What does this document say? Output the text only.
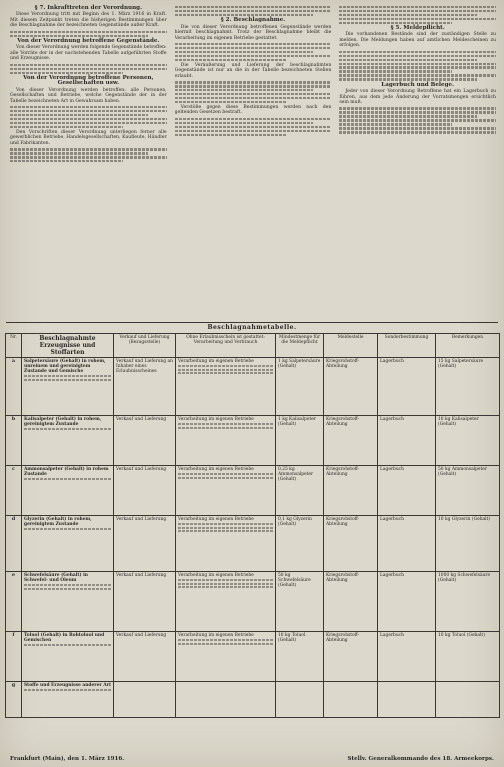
§ 7. Inkrafttreten der Verordnung.

Diese Verordnung tritt mit Beginn des 1. März 1916 in Kraft. Mit diesem Zeitpunkt treten die bisherigen Bestimmungen über die Beschlagnahme der bezeichneten Gegenstände außer Kraft.

Von der Verordnung betroffene Gegenstände.

Von dieser Verordnung werden folgende Gegenstände betroffen: alle Vorräte der in der nachstehenden Tabelle aufgeführten Stoffe und Erzeugnisse.

Von der Verordnung betroffene Personen, Gesellschaften usw.

Von dieser Verordnung werden betroffen: alle Personen, Gesellschaften und Betriebe, welche Gegenstände der in der Tabelle bezeichneten Art in Gewahrsam haben.

Den Vorschriften dieser Verordnung unterliegen ferner alle gewerblichen Betriebe, Handelsgesellschaften, Kaufleute, Händler und Fabrikanten.

§ 2. Beschlagnahme.

Die von dieser Verordnung betroffenen Gegenstände werden hiermit beschlagnahmt. Trotz der Beschlagnahme bleibt die Verarbeitung im eigenen Betriebe gestattet.

Die Veräußerung und Lieferung der beschlagnahmten Gegenstände ist nur an die in der Tabelle bezeichneten Stellen erlaubt.

Verstöße gegen diese Bestimmungen werden nach den geltenden Gesetzen bestraft.

§ 5. Meldepflicht.

Die vorhandenen Bestände sind der zuständigen Stelle zu melden. Die Meldungen haben auf amtlichen Meldescheinen zu erfolgen.

Lagerbuch und Belege.

Jeder von dieser Verordnung Betroffene hat ein Lagerbuch zu führen, aus dem jede Änderung der Vorratsmengen ersichtlich sein muß.

Beschlagnahmetabelle.
Nr.	Beschlagnahmte Erzeugnisse und Stoffarten	Verkauf und Lieferung (Bezugsstelle)	Ohne Erlaubnisschein ist gestattet: Verarbeitung und Verbrauch	Mindestmenge für die Meldepflicht	Meldestelle	Sonderbestimmung	Bemerkungen
a	Salpetersäure (Gehalt) in rohem, unreinem und gereinigtem Zustande und Gemische	Verkauf und Lieferung an Inhaber eines Erlaubnisscheines	Verarbeitung im eigenen Betriebe	1 kg Salpetersäure (Gehalt)	Kriegsrohstoff-Abteilung	Lagerbuch	15 kg Salpetersäure (Gehalt)
b	Kalisalpeter (Gehalt) in rohem, gereinigtem Zustande	Verkauf und Lieferung	Verarbeitung im eigenen Betriebe	1 kg Kalisalpeter (Gehalt)	Kriegsrohstoff-Abteilung	Lagerbuch	10 kg Kalisalpeter (Gehalt)
c	Ammonsalpeter (Gehalt) in rohem Zustande	Verkauf und Lieferung	Verarbeitung im eigenen Betriebe	0,25 kg Ammonsalpeter (Gehalt)	Kriegsrohstoff-Abteilung	Lagerbuch	50 kg Ammonsalpeter (Gehalt)
d	Glyzerin (Gehalt) in rohem, gereinigtem Zustande	Verkauf und Lieferung	Verarbeitung im eigenen Betriebe	0,1 kg Glyzerin (Gehalt)	Kriegsrohstoff-Abteilung	Lagerbuch	10 kg Glyzerin (Gehalt)
e	Schwefelsäure (Gehalt) in Schwefel- und Oleum	Verkauf und Lieferung	Verarbeitung im eigenen Betriebe	50 kg Schwefelsäure (Gehalt)	Kriegsrohstoff-Abteilung	Lagerbuch	1000 kg Schwefelsäure (Gehalt)
f	Toluol (Gehalt) in Rohtoluol und Gemischen	Verkauf und Lieferung	Verarbeitung im eigenen Betriebe	10 kg Toluol (Gehalt)	Kriegsrohstoff-Abteilung	Lagerbuch	10 kg Toluol (Gehalt)
g	Stoffe und Erzeugnisse anderer Art

Frankfurt (Main), den 1. März 1916.	Stellv. Generalkommando des 18. Armeekorps.
